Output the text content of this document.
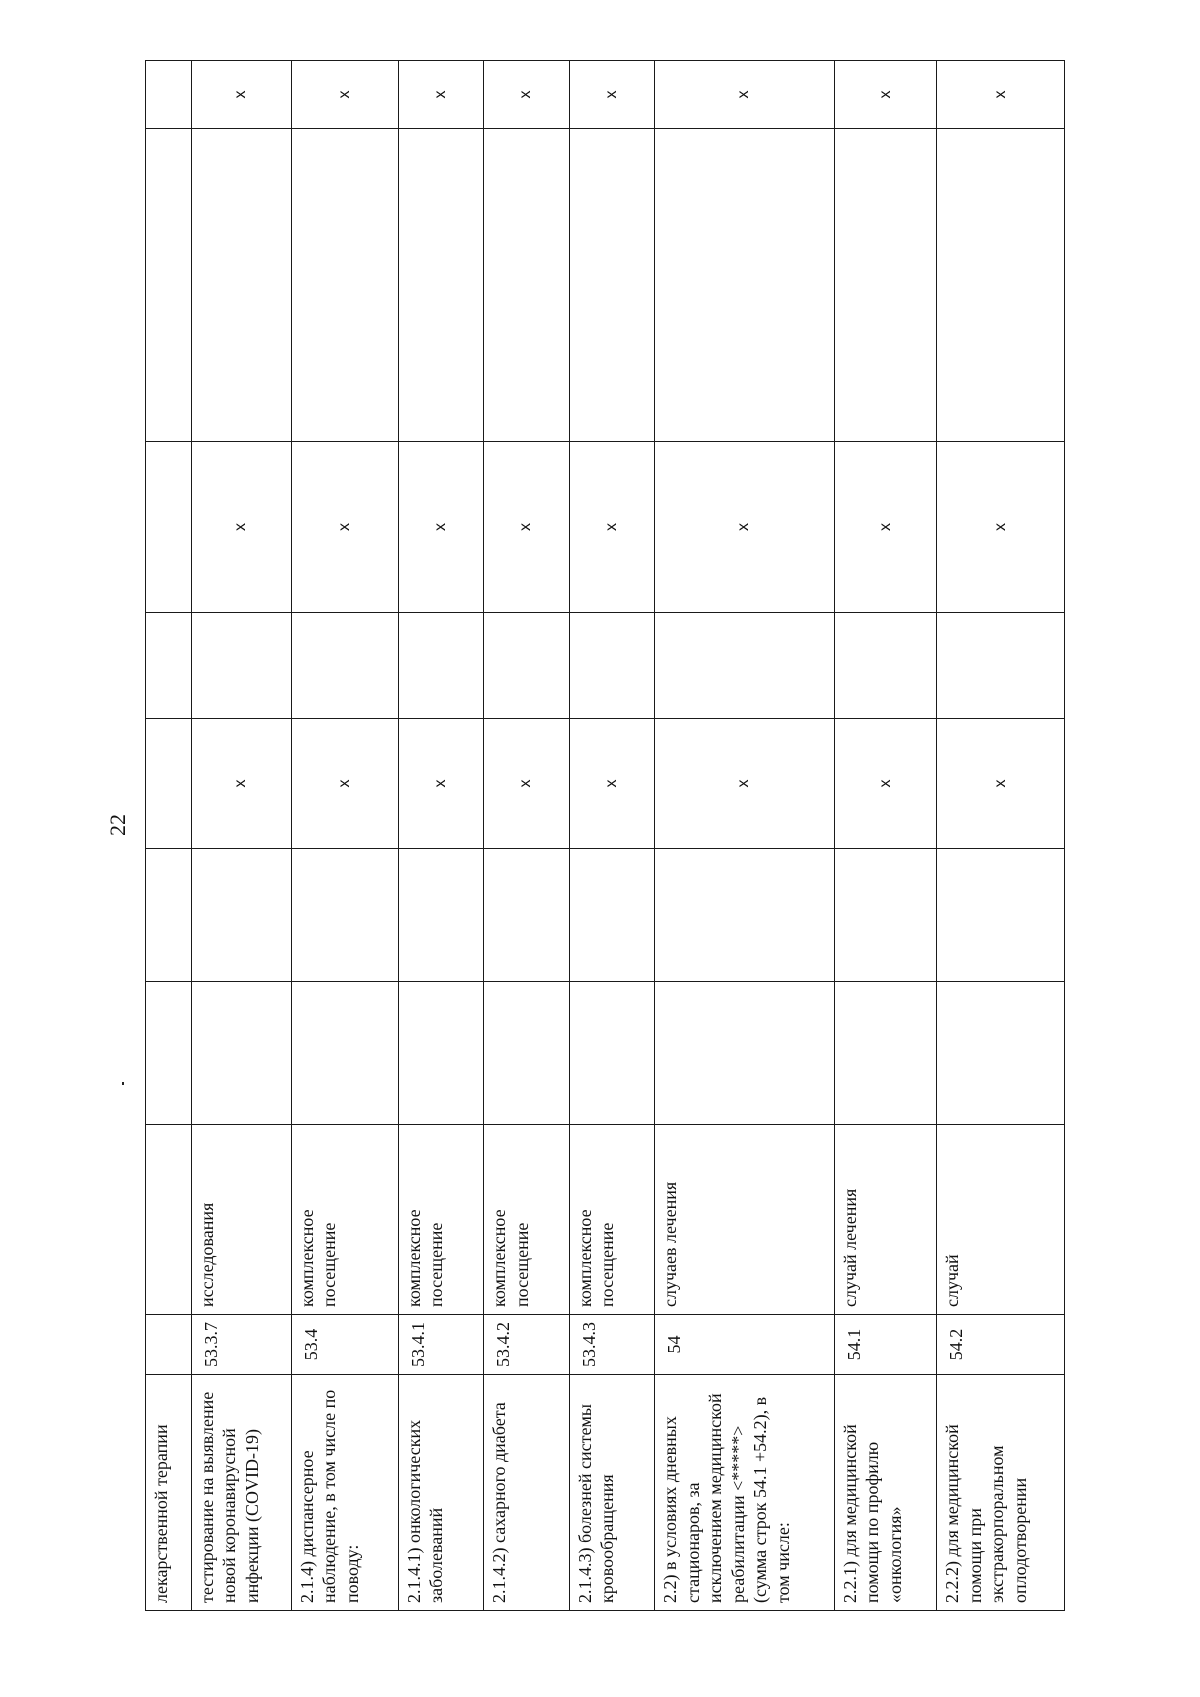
22
лекарственной терапии									
тестирование на выявление новой коронавирусной инфекции (COVID-19)	53.3.7	исследования			х		х		х
2.1.4) диспансерное наблюдение, в том числе по поводу:	53.4	комплексное посещение			х		х		х
2.1.4.1) онкологических заболеваний	53.4.1	комплексное посещение			х		х		х
2.1.4.2) сахарного диабета	53.4.2	комплексное посещение			х		х		х
2.1.4.3) болезней системы кровообращения	53.4.3	комплексное посещение			х		х		х
2.2) в условиях дневных стационаров, за исключением медицинской реабилитации <*****> (сумма строк 54.1 +54.2), в том числе:	54	случаев лечения			х		х		х
2.2.1) для медицинской помощи по профилю «онкология»	54.1	случай лечения			х		х		х
2.2.2) для медицинской помощи при экстракорпоральном оплодотворении	54.2	случай			х		х		х
